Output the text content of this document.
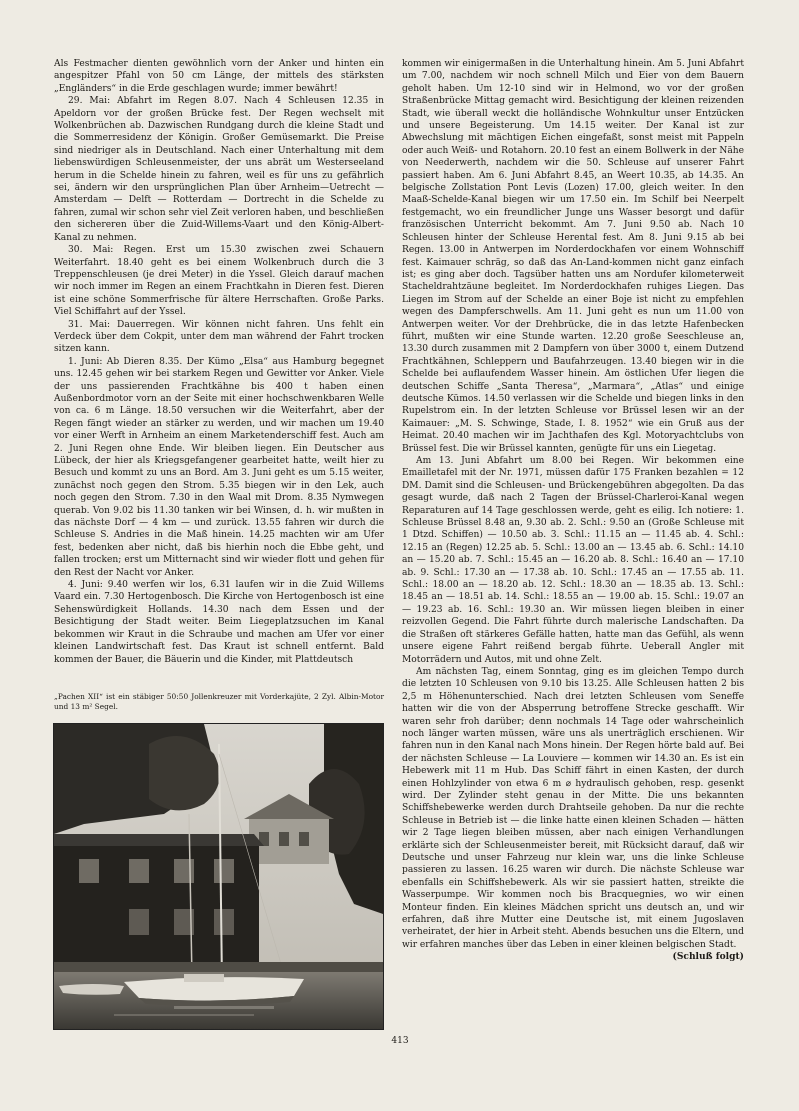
Als Festmacher dienten gewöhnlich vorn der Anker und hinten ein angespitzer Pfahl von 50 cm Länge, der mittels des stärksten „Engländers“ in die Erde geschlagen wurde; immer bewährt!

29. Mai: Abfahrt im Regen 8.07. Nach 4 Schleusen 12.35 in Apeldorn vor der großen Brücke fest. Der Regen wechselt mit Wolkenbrüchen ab. Dazwischen Rundgang durch die kleine Stadt und die Sommerresidenz der Königin. Großer Gemüsemarkt. Die Preise sind niedriger als in Deutschland. Nach einer Unterhaltung mit dem liebenswürdigen Schleusenmeister, der uns abrät um Westerseeland herum in die Schelde hinein zu fahren, weil es für uns zu gefährlich sei, ändern wir den ursprünglichen Plan über Arnheim—Uetrecht — Amsterdam — Delft — Rotterdam — Dortrecht in die Schelde zu fahren, zumal wir schon sehr viel Zeit verloren haben, und beschließen den sichereren über die Zuid-Willems-Vaart und den König-Albert-Kanal zu nehmen.

30. Mai: Regen. Erst um 15.30 zwischen zwei Schauern Weiterfahrt. 18.40 geht es bei einem Wolkenbruch durch die 3 Treppenschleusen (je drei Meter) in die Yssel. Gleich darauf machen wir noch immer im Regen an einem Frachtkahn in Dieren fest. Dieren ist eine schöne Sommerfrische für ältere Herrschaften. Große Parks. Viel Schiffahrt auf der Yssel.

31. Mai: Dauerregen. Wir können nicht fahren. Uns fehlt ein Verdeck über dem Cokpit, unter dem man während der Fahrt trocken sitzen kann.

1. Juni: Ab Dieren 8.35. Der Kümo „Elsa“ aus Hamburg begegnet uns. 12.45 gehen wir bei starkem Regen und Gewitter vor Anker. Viele der uns passierenden Frachtkähne bis 400 t haben einen Außenbordmotor vorn an der Seite mit einer hochschwenkbaren Welle von ca. 6 m Länge. 18.50 versuchen wir die Weiterfahrt, aber der Regen fängt wieder an stärker zu werden, und wir machen um 19.40 vor einer Werft in Arnheim an einem Marketenderschiff fest. Auch am 2. Juni Regen ohne Ende. Wir bleiben liegen. Ein Deutscher aus Lübeck, der hier als Kriegsgefangener gearbeitet hatte, weilt hier zu Besuch und kommt zu uns an Bord. Am 3. Juni geht es um 5.15 weiter, zunächst noch gegen den Strom. 5.35 biegen wir in den Lek, auch noch gegen den Strom. 7.30 in den Waal mit Drom. 8.35 Nymwegen querab. Von 9.02 bis 11.30 tanken wir bei Winsen, d. h. wir mußten in das nächste Dorf — 4 km — und zurück. 13.55 fahren wir durch die Schleuse S. Andries in die Maß hinein. 14.25 machten wir am Ufer fest, bedenken aber nicht, daß bis hierhin noch die Ebbe geht, und fallen trocken; erst um Mitternacht sind wir wieder flott und gehen für den Rest der Nacht vor Anker.

4. Juni: 9.40 werfen wir los, 6.31 laufen wir in die Zuid Willems Vaard ein. 7.30 Hertogenbosch. Die Kirche von Hertogenbosch ist eine Sehenswürdigkeit Hollands. 14.30 nach dem Essen und der Besichtigung der Stadt weiter. Beim Liegeplatzsuchen im Kanal bekommen wir Kraut in die Schraube und machen am Ufer vor einer kleinen Landwirtschaft fest. Das Kraut ist schnell entfernt. Bald kommen der Bauer, die Bäuerin und die Kinder, mit Plattdeutsch

„Pachen XII“ ist ein stäbiger 50:50 Jollenkreuzer mit Vorderkajüte, 2 Zyl. Albin-Motor und 13 m² Segel.

kommen wir einigermaßen in die Unterhaltung hinein. Am 5. Juni Abfahrt um 7.00, nachdem wir noch schnell Milch und Eier von dem Bauern geholt haben. Um 12-10 sind wir in Helmond, wo vor der großen Straßenbrücke Mittag gemacht wird. Besichtigung der kleinen reizenden Stadt, wie überall weckt die holländische Wohnkultur unser Entzücken und unsere Begeisterung. Um 14.15 weiter. Der Kanal ist zur Abwechslung mit mächtigen Eichen eingefaßt, sonst meist mit Pappeln oder auch Weiß- und Rotahorn. 20.10 fest an einem Bollwerk in der Nähe von Neederwerth, nachdem wir die 50. Schleuse auf unserer Fahrt passiert haben. Am 6. Juni Abfahrt 8.45, an Weert 10.35, ab 14.35. An belgische Zollstation Pont Levis (Lozen) 17.00, gleich weiter. In den Maaß-Schelde-Kanal biegen wir um 17.50 ein. Im Schilf bei Neerpelt festgemacht, wo ein freundlicher Junge uns Wasser besorgt und dafür französischen Unterricht bekommt. Am 7. Juni 9.50 ab. Nach 10 Schleusen hinter der Schleuse Herental fest. Am 8. Juni 9.15 ab bei Regen. 13.00 in Antwerpen im Norderdockhafen vor einem Wohnschiff fest. Kaimauer schräg, so daß das An-Land-kommen nicht ganz einfach ist; es ging aber doch. Tagsüber hatten uns am Nordufer kilometerweit Stacheldrahtzäune begleitet. Im Norderdockhafen ruhiges Liegen. Das Liegen im Strom auf der Schelde an einer Boje ist nicht zu empfehlen wegen des Dampferschwells. Am 11. Juni geht es nun um 11.00 von Antwerpen weiter. Vor der Drehbrücke, die in das letzte Hafenbecken führt, mußten wir eine Stunde warten. 12.20 große Seeschleuse an, 13.30 durch zusammen mit 2 Dampfern von über 3000 t, einem Dutzend Frachtkähnen, Schleppern und Baufahrzeugen. 13.40 biegen wir in die Schelde bei auflaufendem Wasser hinein. Am östlichen Ufer liegen die deutschen Schiffe „Santa Theresa“, „Marmara“, „Atlas“ und einige deutsche Kümos. 14.50 verlassen wir die Schelde und biegen links in den Rupelstrom ein. In der letzten Schleuse vor Brüssel lesen wir an der Kaimauer: „M. S. Schwinge, Stade, I. 8. 1952“ wie ein Gruß aus der Heimat. 20.40 machen wir im Jachthafen des Kgl. Motoryachtclubs von Brüssel fest. Die wir Brüssel kannten, genügte für uns ein Liegetag.

Am 13. Juni Abfahrt um 8.00 bei Regen. Wir bekommen eine Emailletafel mit der Nr. 1971, müssen dafür 175 Franken bezahlen = 12 DM. Damit sind die Schleusen- und Brückengebühren abgegolten. Da das gesagt wurde, daß nach 2 Tagen der Brüssel-Charleroi-Kanal wegen Reparaturen auf 14 Tage geschlossen werde, geht es eilig. Ich notiere: 1. Schleuse Brüssel 8.48 an, 9.30 ab. 2. Schl.: 9.50 an (Große Schleuse mit 1 Dtzd. Schiffen) — 10.50 ab. 3. Schl.: 11.15 an — 11.45 ab. 4. Schl.: 12.15 an (Regen) 12.25 ab. 5. Schl.: 13.00 an — 13.45 ab. 6. Schl.: 14.10 an — 15.20 ab. 7. Schl.: 15.45 an — 16.20 ab. 8. Schl.: 16.40 an — 17.10 ab. 9. Schl.: 17.30 an — 17.38 ab. 10. Schl.: 17.45 an — 17.55 ab. 11. Schl.: 18.00 an — 18.20 ab. 12. Schl.: 18.30 an — 18.35 ab. 13. Schl.: 18.45 an — 18.51 ab. 14. Schl.: 18.55 an — 19.00 ab. 15. Schl.: 19.07 an — 19.23 ab. 16. Schl.: 19.30 an. Wir müssen liegen bleiben in einer reizvollen Gegend. Die Fahrt führte durch malerische Landschaften. Da die Straßen oft stärkeres Gefälle hatten, hatte man das Gefühl, als wenn unsere eigene Fahrt reißend bergab führte. Ueberall Angler mit Motorrädern und Autos, mit und ohne Zelt.

Am nächsten Tag, einem Sonntag, ging es im gleichen Tempo durch die letzten 10 Schleusen von 9.10 bis 13.25. Alle Schleusen hatten 2 bis 2,5 m Höhenunterschied. Nach drei letzten Schleusen vom Seneffe hatten wir die von der Absperrung betroffene Strecke geschafft. Wir waren sehr froh darüber; denn nochmals 14 Tage oder wahrscheinlich noch länger warten müssen, wäre uns als unerträglich erschienen. Wir fahren nun in den Kanal nach Mons hinein. Der Regen hörte bald auf. Bei der nächsten Schleuse — La Louviere — kommen wir 14.30 an. Es ist ein Hebewerk mit 11 m Hub. Das Schiff fährt in einen Kasten, der durch einen Hohlzylinder von etwa 6 m ⌀ hydraulisch gehoben, resp. gesenkt wird. Der Zylinder steht genau in der Mitte. Die uns bekannten Schiffshebewerke werden durch Drahtseile gehoben. Da nur die rechte Schleuse in Betrieb ist — die linke hatte einen kleinen Schaden — hätten wir 2 Tage liegen bleiben müssen, aber nach einigen Verhandlungen erklärte sich der Schleusenmeister bereit, mit Rücksicht darauf, daß wir Deutsche und unser Fahrzeug nur klein war, uns die linke Schleuse passieren zu lassen. 16.25 waren wir durch. Die nächste Schleuse war ebenfalls ein Schiffshebewerk. Als wir sie passiert hatten, streikte die Wasserpumpe. Wir kommen noch bis Bracquegnies, wo wir einen Monteur finden. Ein kleines Mädchen spricht uns deutsch an, und wir erfahren, daß ihre Mutter eine Deutsche ist, mit einem Jugoslaven verheiratet, der hier in Arbeit steht. Abends besuchen uns die Eltern, und wir erfahren manches über das Leben in einer kleinen belgischen Stadt.

(Schluß folgt)

413
